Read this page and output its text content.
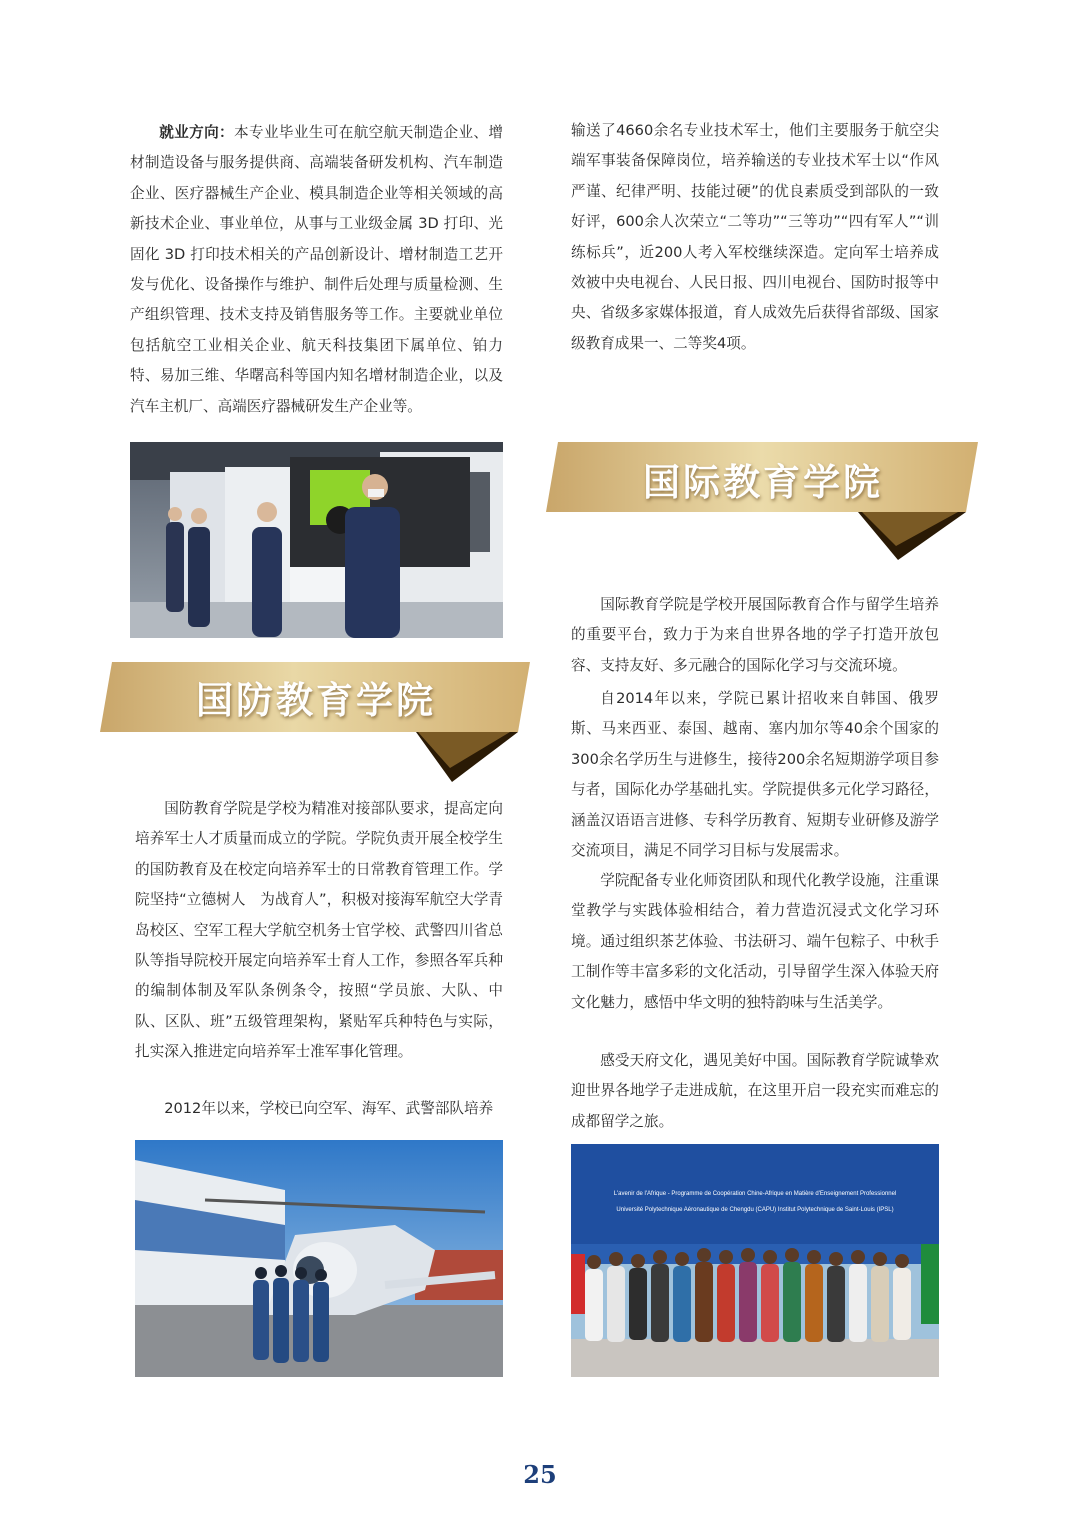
就业方向：本专业毕业生可在航空航天制造企业、增材制造设备与服务提供商、高端装备研发机构、汽车制造企业、医疗器械生产企业、模具制造企业等相关领域的高新技术企业、事业单位，从事与工业级金属 3D 打印、光固化 3D 打印技术相关的产品创新设计、增材制造工艺开发与优化、设备操作与维护、制件后处理与质量检测、生产组织管理、技术支持及销售服务等工作。主要就业单位包括航空工业相关企业、航天科技集团下属单位、铂力特、易加三维、华曙高科等国内知名增材制造企业，以及汽车主机厂、高端医疗器械研发生产企业等。

国防教育学院

国防教育学院是学校为精准对接部队要求，提高定向培养军士人才质量而成立的学院。学院负责开展全校学生的国防教育及在校定向培养军士的日常教育管理工作。学院坚持“立德树人　为战育人”，积极对接海军航空大学青岛校区、空军工程大学航空机务士官学校、武警四川省总队等指导院校开展定向培养军士育人工作，参照各军兵种的编制体制及军队条例条令，按照“学员旅、大队、中队、区队、班”五级管理架构，紧贴军兵种特色与实际，扎实深入推进定向培养军士准军事化管理。

2012年以来，学校已向空军、海军、武警部队培养

输送了4660余名专业技术军士，他们主要服务于航空尖端军事装备保障岗位，培养输送的专业技术军士以“作风严谨、纪律严明、技能过硬”的优良素质受到部队的一致好评，600余人次荣立“二等功”“三等功”“四有军人”“训练标兵”，近200人考入军校继续深造。定向军士培养成效被中央电视台、人民日报、四川电视台、国防时报等中央、省级多家媒体报道，育人成效先后获得省部级、国家级教育成果一、二等奖4项。

国际教育学院

国际教育学院是学校开展国际教育合作与留学生培养的重要平台，致力于为来自世界各地的学子打造开放包容、支持友好、多元融合的国际化学习与交流环境。

自2014年以来，学院已累计招收来自韩国、俄罗斯、马来西亚、泰国、越南、塞内加尔等40余个国家的300余名学历生与进修生，接待200余名短期游学项目参与者，国际化办学基础扎实。学院提供多元化学习路径，涵盖汉语语言进修、专科学历教育、短期专业研修及游学交流项目，满足不同学习目标与发展需求。

学院配备专业化师资团队和现代化教学设施，注重课堂教学与实践体验相结合，着力营造沉浸式文化学习环境。通过组织茶艺体验、书法研习、端午包粽子、中秋手工制作等丰富多彩的文化活动，引导留学生深入体验天府文化魅力，感悟中华文明的独特韵味与生活美学。

感受天府文化，遇见美好中国。国际教育学院诚挚欢迎世界各地学子走进成航，在这里开启一段充实而难忘的成都留学之旅。

L'avenir de l'Afrique - Programme de Coopération Chine-Afrique en Matière d'Enseignement Professionnel
Université Polytechnique Aéronautique de Chengdu (CAPU) Institut Polytechnique de Saint-Louis (IPSL)
25
